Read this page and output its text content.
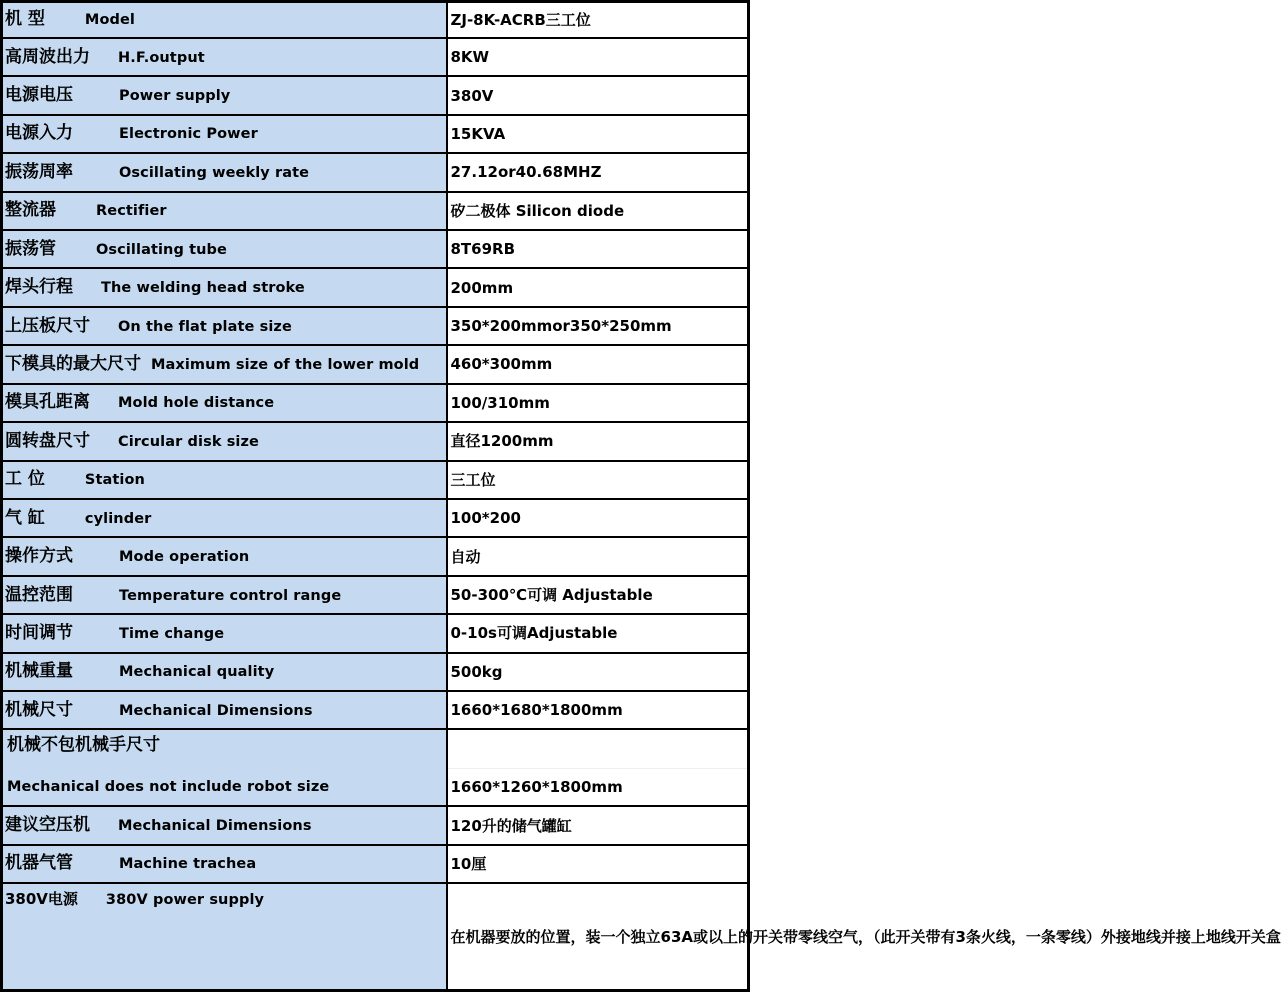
机 型 Model	ZJ-8K-ACRB三工位
高周波出力 H.F.output	8KW
电源电压 Power supply	380V
电源入力 Electronic Power	15KVA
振荡周率 Oscillating weekly rate	27.12or40.68MHZ
整流器 Rectifier	矽二极体 Silicon diode
振荡管 Oscillating tube	8T69RB
焊头行程 The welding head stroke	200mm
上压板尺寸 On the flat plate size	350*200mmor350*250mm
下模具的最大尺寸 Maximum size of the lower mold	460*300mm
模具孔距离 Mold hole distance	100/310mm
圆转盘尺寸 Circular disk size	直径1200mm
工 位 Station	三工位
气 缸 cylinder	100*200
操作方式 Mode operation	自动
温控范围 Temperature control range	50-300℃可调 Adjustable
时间调节 Time change	0-10s可调Adjustable
机械重量 Mechanical quality	500kg
机械尺寸 Mechanical Dimensions	1660*1680*1800mm

机械不包机械手尺寸
Mechanical does not include robot size	1660*1260*1800mm

建议空压机 Mechanical Dimensions	120升的储气罐缸
机器气管 Machine trachea	10厘
380V电源 380V power supply	在机器要放的位置，装一个独立63A或以上的开关带零线空气，（此开关带有3条火线，一条零线）外接地线并接上地线开关盒
